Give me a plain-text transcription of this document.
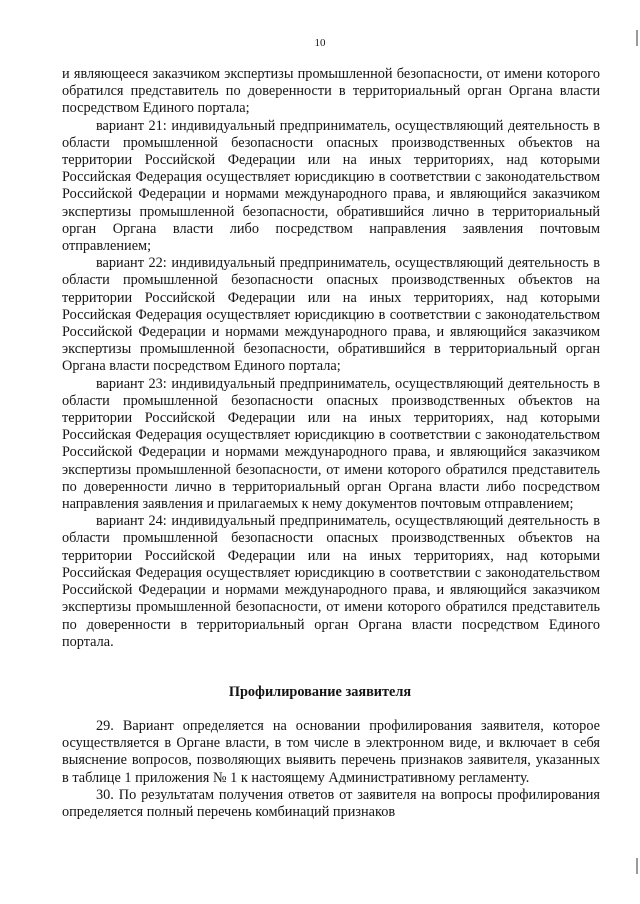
10

и являющееся заказчиком экспертизы промышленной безопасности, от имени которого обратился представитель по доверенности в территориальный орган Органа власти посредством Единого портала;

вариант 21: индивидуальный предприниматель, осуществляющий деятельность в области промышленной безопасности опасных производственных объектов на территории Российской Федерации или на иных территориях, над которыми Российская Федерация осуществляет юрисдикцию в соответствии с законодательством Российской Федерации и нормами международного права, и являющийся заказчиком экспертизы промышленной безопасности, обратившийся лично в территориальный орган Органа власти либо посредством направления заявления почтовым отправлением;

вариант 22: индивидуальный предприниматель, осуществляющий деятельность в области промышленной безопасности опасных производственных объектов на территории Российской Федерации или на иных территориях, над которыми Российская Федерация осуществляет юрисдикцию в соответствии с законодательством Российской Федерации и нормами международного права, и являющийся заказчиком экспертизы промышленной безопасности, обратившийся в территориальный орган Органа власти посредством Единого портала;

вариант 23: индивидуальный предприниматель, осуществляющий деятельность в области промышленной безопасности опасных производственных объектов на территории Российской Федерации или на иных территориях, над которыми Российская Федерация осуществляет юрисдикцию в соответствии с законодательством Российской Федерации и нормами международного права, и являющийся заказчиком экспертизы промышленной безопасности, от имени которого обратился представитель по доверенности лично в территориальный орган Органа власти либо посредством направления заявления и прилагаемых к нему документов почтовым отправлением;

вариант 24: индивидуальный предприниматель, осуществляющий деятельность в области промышленной безопасности опасных производственных объектов на территории Российской Федерации или на иных территориях, над которыми Российская Федерация осуществляет юрисдикцию в соответствии с законодательством Российской Федерации и нормами международного права, и являющийся заказчиком экспертизы промышленной безопасности, от имени которого обратился представитель по доверенности в территориальный орган Органа власти посредством Единого портала.

Профилирование заявителя

29. Вариант определяется на основании профилирования заявителя, которое осуществляется в Органе власти, в том числе в электронном виде, и включает в себя выяснение вопросов, позволяющих выявить перечень признаков заявителя, указанных в таблице 1 приложения № 1 к настоящему Административному регламенту.

30. По результатам получения ответов от заявителя на вопросы профилирования определяется полный перечень комбинаций признаков
